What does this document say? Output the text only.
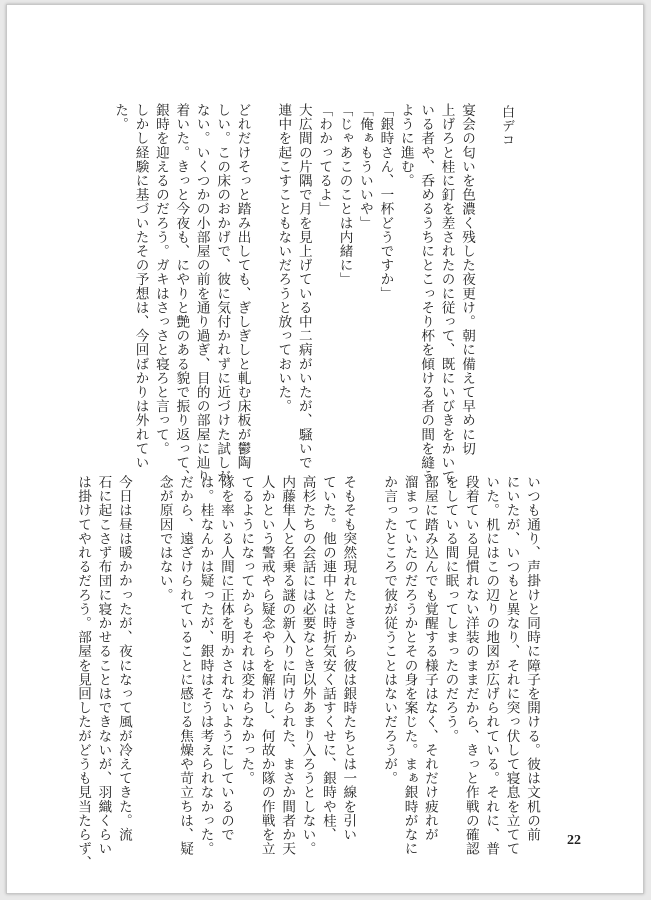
白デコ

宴会の匂いを色濃く残した夜更け。朝に備えて早めに切

上げろと桂に釘を差されたのに従って、既にいびきをかいて

いる者や、呑めるうちにとこっそり杯を傾ける者の間を縫う

ように進む。

「銀時さん、一杯どうですか」

「俺ぁもういいや」

「じゃあこのことは内緒に」

「わかってるよ」

大広間の片隅で月を見上げている中二病がいたが、騒いで

連中を起こすこともないだろうと放っておいた。

どれだけそっと踏み出しても、ぎしぎしと軋む床板が鬱陶

しい。この床のおかげで、彼に気付かれずに近づけた試しが

ない。いくつかの小部屋の前を通り過ぎ、目的の部屋に辿り

着いた。きっと今夜も、にやりと艶のある貌で振り返って、

銀時を迎えるのだろう。ガキはさっさと寝ろと言って。

しかし経験に基づいたその予想は、今回ばかりは外れてい

た。

いつも通り、声掛けと同時に障子を開ける。彼は文机の前

にいたが、いつもと異なり、それに突っ伏して寝息を立てて

いた。机にはこの辺りの地図が広げられている。それに、普

段着ている見慣れない洋装のままだから、きっと作戦の確認

をしている間に眠ってしまったのだろう。

部屋に踏み込んでも覚醒する様子はなく、それだけ疲れが

溜まっていたのだろうかとその身を案じた。まぁ銀時がなに

か言ったところで彼が従うことはないだろうが。

そもそも突然現れたときから彼は銀時たちとは一線を引い

ていた。他の連中とは時折気安く話すくせに、銀時や桂、

高杉たちの会話には必要なとき以外あまり入ろうとしない。

内藤隼人と名乗る謎の新入りに向けられた、まさか間者か天

人かという警戒やら疑念やらを解消し、何故か隊の作戦を立

てるようになってからもそれは変わらなかった。

隊を率いる人間に正体を明かされないようにしているので

は。桂なんかは疑ったが、銀時はそうは考えられなかった。

だから、遠ざけられていることに感じる焦燥や苛立ちは、疑

念が原因ではない。

今日は昼は暖かかったが、夜になって風が冷えてきた。流

石に起こさず布団に寝かせることはできないが、羽織くらい

は掛けてやれるだろう。部屋を見回したがどうも見当たらず、	22
